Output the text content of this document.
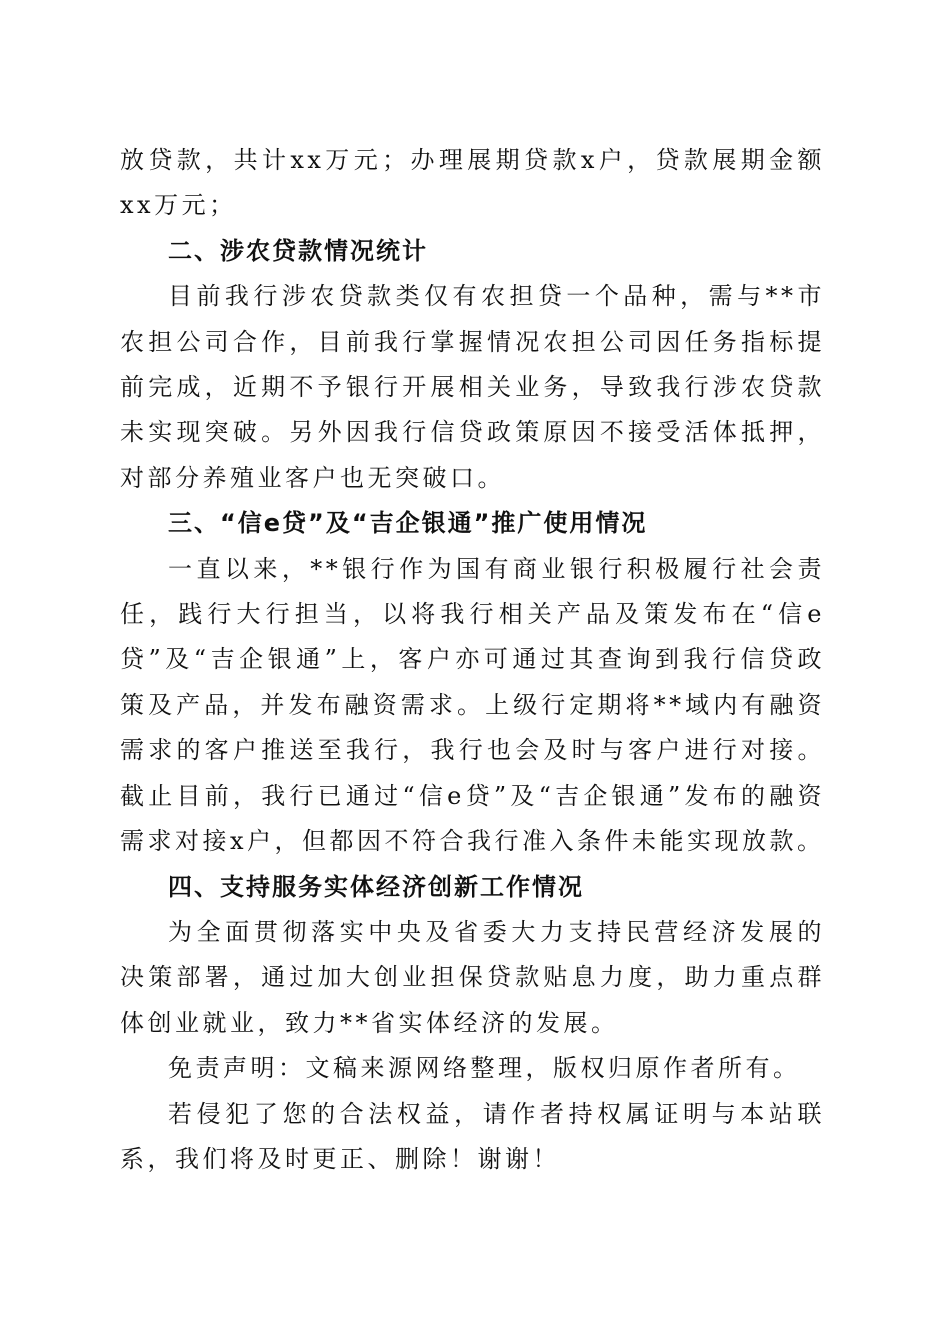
放贷款，共计xx万元；办理展期贷款x户，贷款展期金额xx万元；

二、涉农贷款情况统计

目前我行涉农贷款类仅有农担贷一个品种，需与**市农担公司合作，目前我行掌握情况农担公司因任务指标提前完成，近期不予银行开展相关业务，导致我行涉农贷款未实现突破。另外因我行信贷政策原因不接受活体抵押，对部分养殖业客户也无突破口。

三、“信e贷”及“吉企银通”推广使用情况

一直以来，**银行作为国有商业银行积极履行社会责任，践行大行担当，以将我行相关产品及策发布在“信e贷”及“吉企银通”上，客户亦可通过其查询到我行信贷政策及产品，并发布融资需求。上级行定期将**域内有融资需求的客户推送至我行，我行也会及时与客户进行对接。截止目前，我行已通过“信e贷”及“吉企银通”发布的融资需求对接x户，但都因不符合我行准入条件未能实现放款。

四、支持服务实体经济创新工作情况

为全面贯彻落实中央及省委大力支持民营经济发展的决策部署，通过加大创业担保贷款贴息力度，助力重点群体创业就业，致力**省实体经济的发展。

免责声明：文稿来源网络整理，版权归原作者所有。

若侵犯了您的合法权益，请作者持权属证明与本站联系，我们将及时更正、删除！谢谢！
